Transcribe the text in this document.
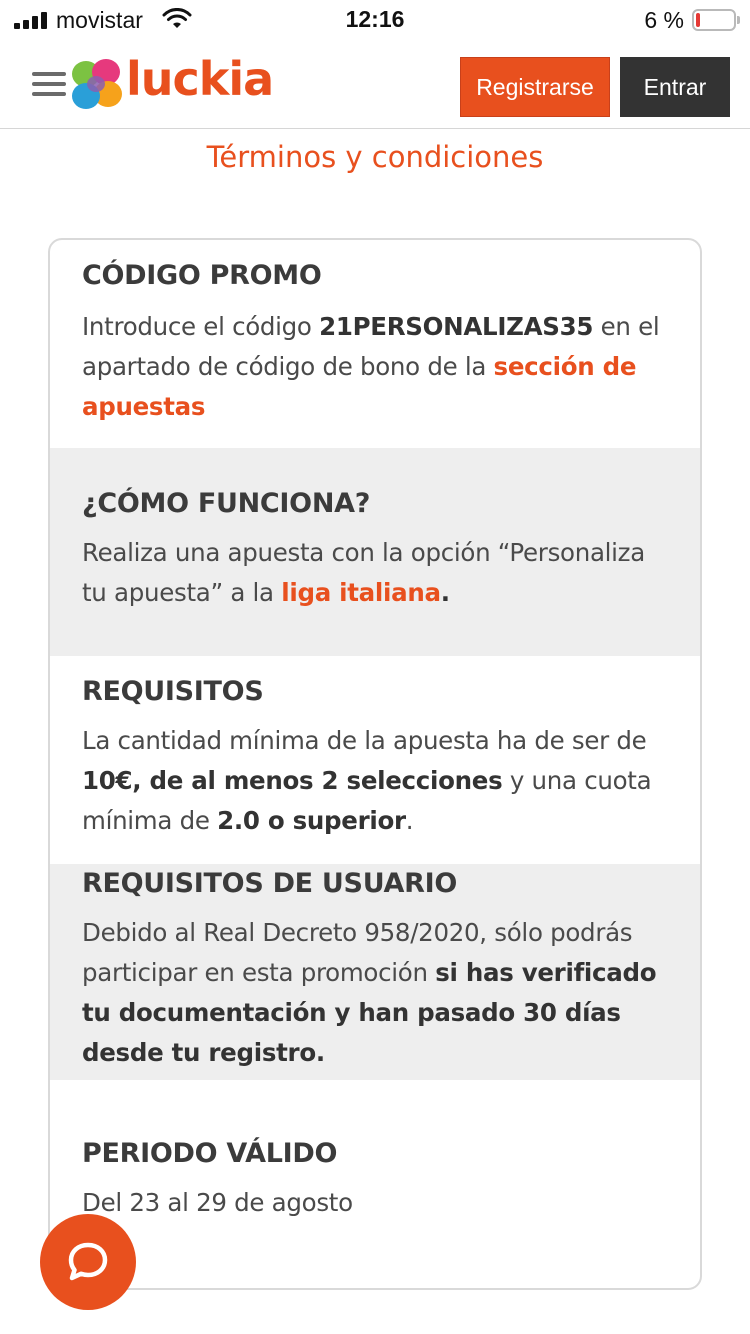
movistar	12:16	6 %
luckia	Registrarse	Entrar
Términos y condiciones
CÓDIGO PROMO

Introduce el código 21PERSONALIZAS35 en el apartado de código de bono de la sección de apuestas

¿CÓMO FUNCIONA?

Realiza una apuesta con la opción “Personaliza tu apuesta” a la liga italiana.

REQUISITOS

La cantidad mínima de la apuesta ha de ser de 10€, de al menos 2 selecciones y una cuota mínima de 2.0 o superior.

REQUISITOS DE USUARIO

Debido al Real Decreto 958/2020, sólo podrás participar en esta promoción si has verificado tu documentación y han pasado 30 días desde tu registro.

PERIODO VÁLIDO

Del 23 al 29 de agosto
